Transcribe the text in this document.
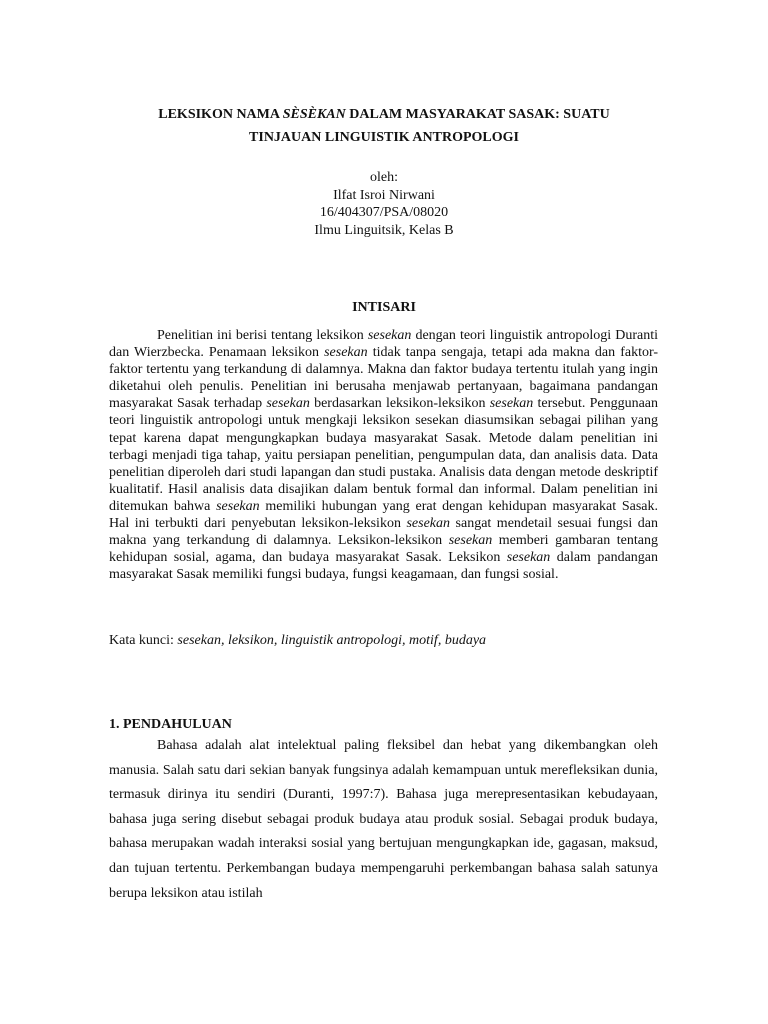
LEKSIKON NAMA SÈSÈKAN DALAM MASYARAKAT SASAK: SUATU
TINJAUAN LINGUISTIK ANTROPOLOGI
oleh:
Ilfat Isroi Nirwani
16/404307/PSA/08020
Ilmu Linguitsik, Kelas B
INTISARI

Penelitian ini berisi tentang leksikon sesekan dengan teori linguistik antropologi Duranti dan Wierzbecka. Penamaan leksikon sesekan tidak tanpa sengaja, tetapi ada makna dan faktor-faktor tertentu yang terkandung di dalamnya. Makna dan faktor budaya tertentu itulah yang ingin diketahui oleh penulis. Penelitian ini berusaha menjawab pertanyaan, bagaimana pandangan masyarakat Sasak terhadap sesekan berdasarkan leksikon-leksikon sesekan tersebut. Penggunaan teori linguistik antropologi untuk mengkaji leksikon sesekan diasumsikan sebagai pilihan yang tepat karena dapat mengungkapkan budaya masyarakat Sasak. Metode dalam penelitian ini terbagi menjadi tiga tahap, yaitu persiapan penelitian, pengumpulan data, dan analisis data. Data penelitian diperoleh dari studi lapangan dan studi pustaka. Analisis data dengan metode deskriptif kualitatif. Hasil analisis data disajikan dalam bentuk formal dan informal. Dalam penelitian ini ditemukan bahwa sesekan memiliki hubungan yang erat dengan kehidupan masyarakat Sasak. Hal ini terbukti dari penyebutan leksikon-leksikon sesekan sangat mendetail sesuai fungsi dan makna yang terkandung di dalamnya. Leksikon-leksikon sesekan memberi gambaran tentang kehidupan sosial, agama, dan budaya masyarakat Sasak. Leksikon sesekan dalam pandangan masyarakat Sasak memiliki fungsi budaya, fungsi keagamaan, dan fungsi sosial.

Kata kunci: sesekan, leksikon, linguistik antropologi, motif, budaya
1. PENDAHULUAN

Bahasa adalah alat intelektual paling fleksibel dan hebat yang dikembangkan oleh manusia. Salah satu dari sekian banyak fungsinya adalah kemampuan untuk merefleksikan dunia, termasuk dirinya itu sendiri (Duranti, 1997:7). Bahasa juga merepresentasikan kebudayaan, bahasa juga sering disebut sebagai produk budaya atau produk sosial. Sebagai produk budaya, bahasa merupakan wadah interaksi sosial yang bertujuan mengungkapkan ide, gagasan, maksud, dan tujuan tertentu. Perkembangan budaya mempengaruhi perkembangan bahasa salah satunya berupa leksikon atau istilah
